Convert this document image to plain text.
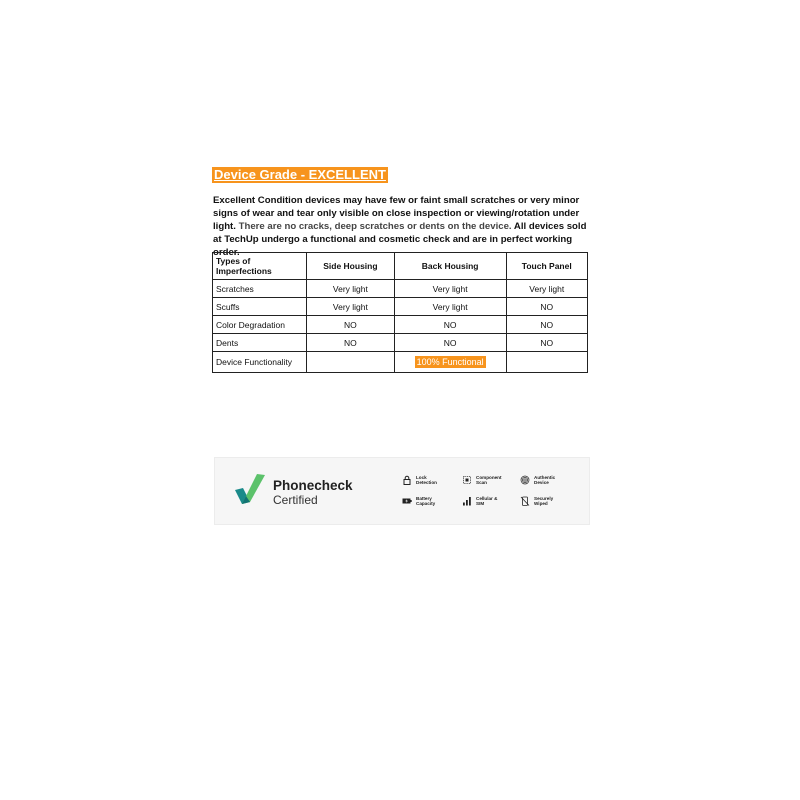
Device Grade - EXCELLENT
Excellent Condition devices may have few or faint small scratches or very minor signs of wear and tear only visible on close inspection or viewing/rotation under light. There are no cracks, deep scratches or dents on the device. All devices sold at TechUp undergo a functional and cosmetic check and are in perfect working order.
Types of Imperfections	Side Housing	Back Housing	Touch Panel
Scratches	Very light	Very light	Very light
Scuffs	Very light	Very light	NO
Color Degradation	NO	NO	NO
Dents	NO	NO	NO
Device Functionality		100% Functional	
Phonecheck
Certified
Lock Detection
Component Scan
Authentic Device
Battery Capacity
Cellular & SIM
Securely Wiped
